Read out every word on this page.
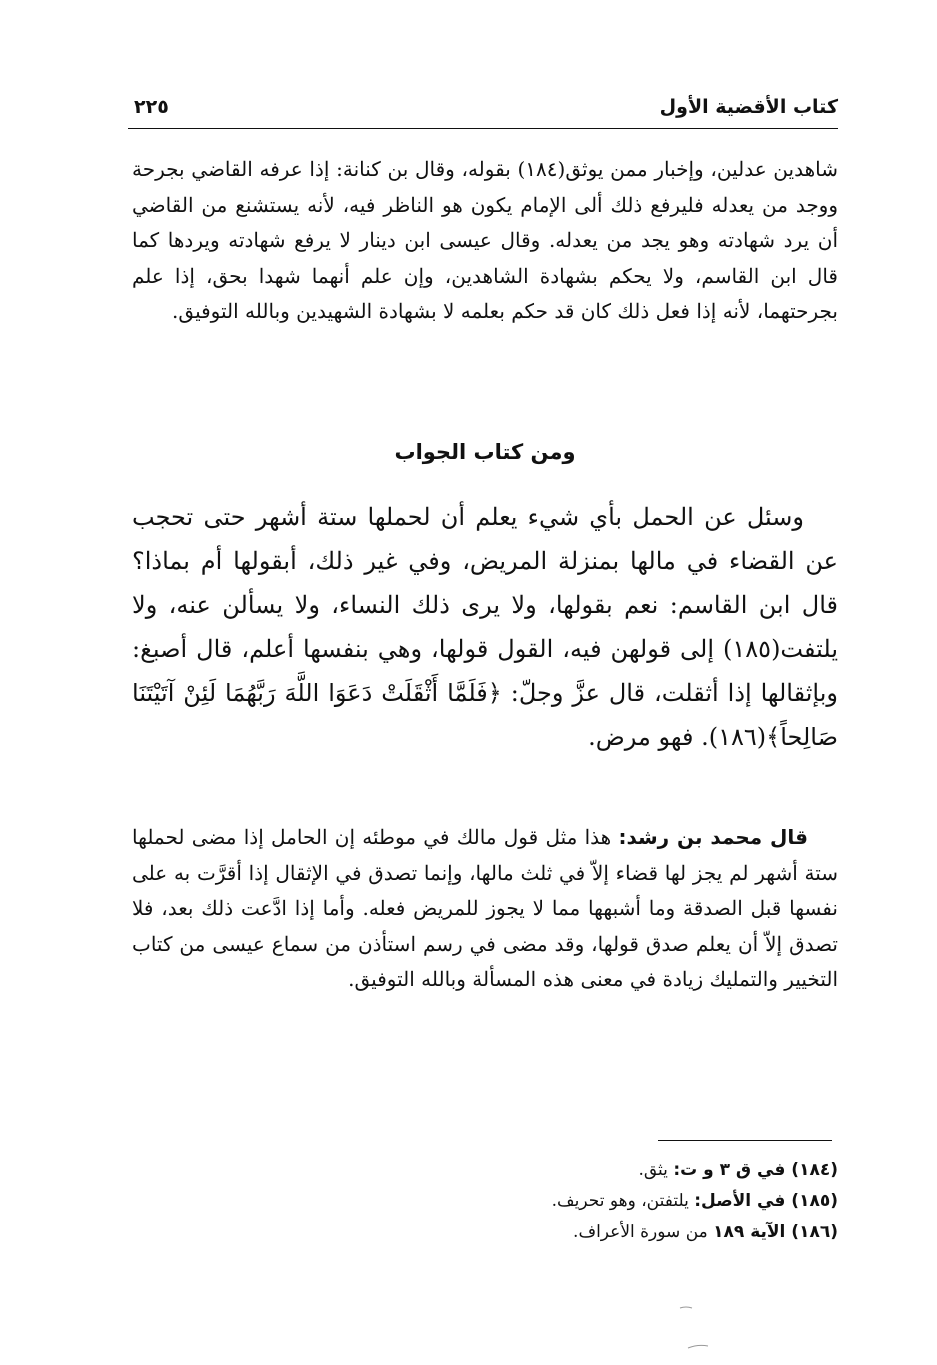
كتاب الأقضية الأول
٢٢٥

شاهدين عدلين، وإخبار ممن يوثق(١٨٤) بقوله، وقال بن كنانة: إذا عرفه القاضي بجرحة ووجد من يعدله فليرفع ذلك ألى الإمام يكون هو الناظر فيه، لأنه يستشنع من القاضي أن يرد شهادته وهو يجد من يعدله. وقال عيسى ابن دينار لا يرفع شهادته ويردها كما قال ابن القاسم، ولا يحكم بشهادة الشاهدين، وإن علم أنهما شهدا بحق، إذا علم بجرحتهما، لأنه إذا فعل ذلك كان قد حكم بعلمه لا بشهادة الشهيدين وبالله التوفيق.

ومن كتاب الجواب

وسئل عن الحمل بأي شيء يعلم أن لحملها ستة أشهر حتى تحجب عن القضاء في مالها بمنزلة المريض، وفي غير ذلك، أبقولها أم بماذا؟ قال ابن القاسم: نعم بقولها، ولا يرى ذلك النساء، ولا يسألن عنه، ولا يلتفت(١٨٥) إلى قولهن فيه، القول قولها، وهي بنفسها أعلم، قال أصبغ: وبإثقالها إذا أثقلت، قال عزَّ وجلّ: ﴿فَلَمَّا أَثْقَلَتْ دَعَوَا اللَّهَ رَبَّهُمَا لَئِنْ آتَيْتَنَا صَالِحاً﴾(١٨٦). فهو مرض.

قال محمد بن رشد: هذا مثل قول مالك في موطئه إن الحامل إذا مضى لحملها ستة أشهر لم يجز لها قضاء إلاّ في ثلث مالها، وإنما تصدق في الإثقال إذا أقرَّت به على نفسها قبل الصدقة وما أشبهها مما لا يجوز للمريض فعله. وأما إذا ادَّعت ذلك بعد، فلا تصدق إلاّ أن يعلم صدق قولها، وقد مضى في رسم استأذن من سماع عيسى من كتاب التخيير والتمليك زيادة في معنى هذه المسألة وبالله التوفيق.

(١٨٤) في ق ٣ و ت: يثق.

(١٨٥) في الأصل: يلتفتن، وهو تحريف.

(١٨٦) الآية ١٨٩ من سورة الأعراف.
